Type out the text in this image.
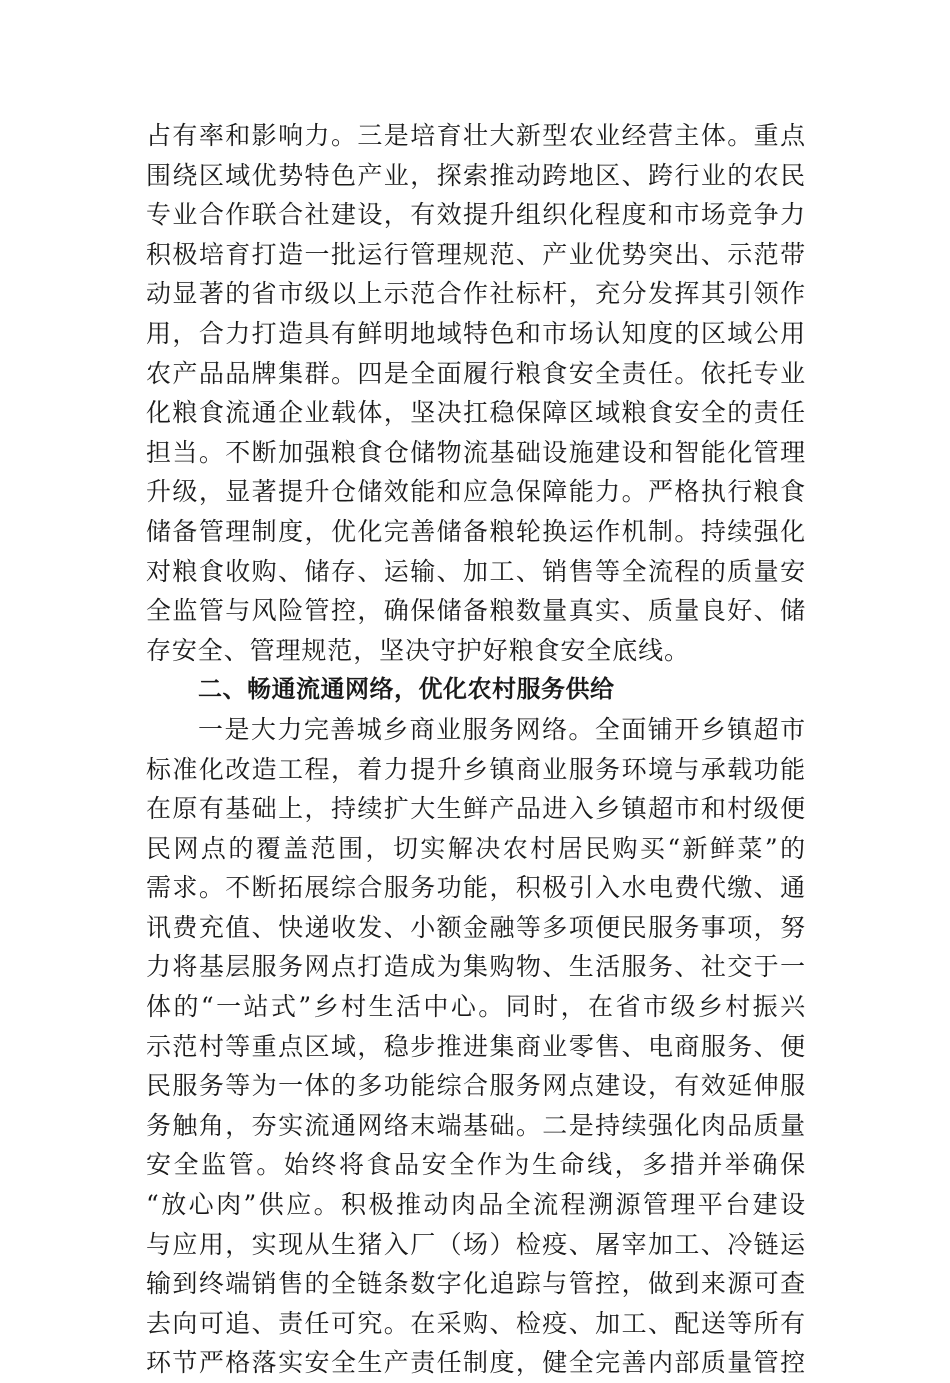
占有率和影响力。三是培育壮大新型农业经营主体。重点
围绕区域优势特色产业，探索推动跨地区、跨行业的农民
专业合作联合社建设，有效提升组织化程度和市场竞争力
积极培育打造一批运行管理规范、产业优势突出、示范带
动显著的省市级以上示范合作社标杆，充分发挥其引领作
用，合力打造具有鲜明地域特色和市场认知度的区域公用
农产品品牌集群。四是全面履行粮食安全责任。依托专业
化粮食流通企业载体，坚决扛稳保障区域粮食安全的责任
担当。不断加强粮食仓储物流基础设施建设和智能化管理
升级，显著提升仓储效能和应急保障能力。严格执行粮食
储备管理制度，优化完善储备粮轮换运作机制。持续强化
对粮食收购、储存、运输、加工、销售等全流程的质量安
全监管与风险管控，确保储备粮数量真实、质量良好、储
存安全、管理规范，坚决守护好粮食安全底线。
二、畅通流通网络，优化农村服务供给
一是大力完善城乡商业服务网络。全面铺开乡镇超市
标准化改造工程，着力提升乡镇商业服务环境与承载功能
在原有基础上，持续扩大生鲜产品进入乡镇超市和村级便
民网点的覆盖范围，切实解决农村居民购买“新鲜菜”的
需求。不断拓展综合服务功能，积极引入水电费代缴、通
讯费充值、快递收发、小额金融等多项便民服务事项，努
力将基层服务网点打造成为集购物、生活服务、社交于一
体的“一站式”乡村生活中心。同时，在省市级乡村振兴
示范村等重点区域，稳步推进集商业零售、电商服务、便
民服务等为一体的多功能综合服务网点建设，有效延伸服
务触角，夯实流通网络末端基础。二是持续强化肉品质量
安全监管。始终将食品安全作为生命线，多措并举确保
“放心肉”供应。积极推动肉品全流程溯源管理平台建设
与应用，实现从生猪入厂（场）检疫、屠宰加工、冷链运
输到终端销售的全链条数字化追踪与管控，做到来源可查
去向可追、责任可究。在采购、检疫、加工、配送等所有
环节严格落实安全生产责任制度，健全完善内部质量管控
